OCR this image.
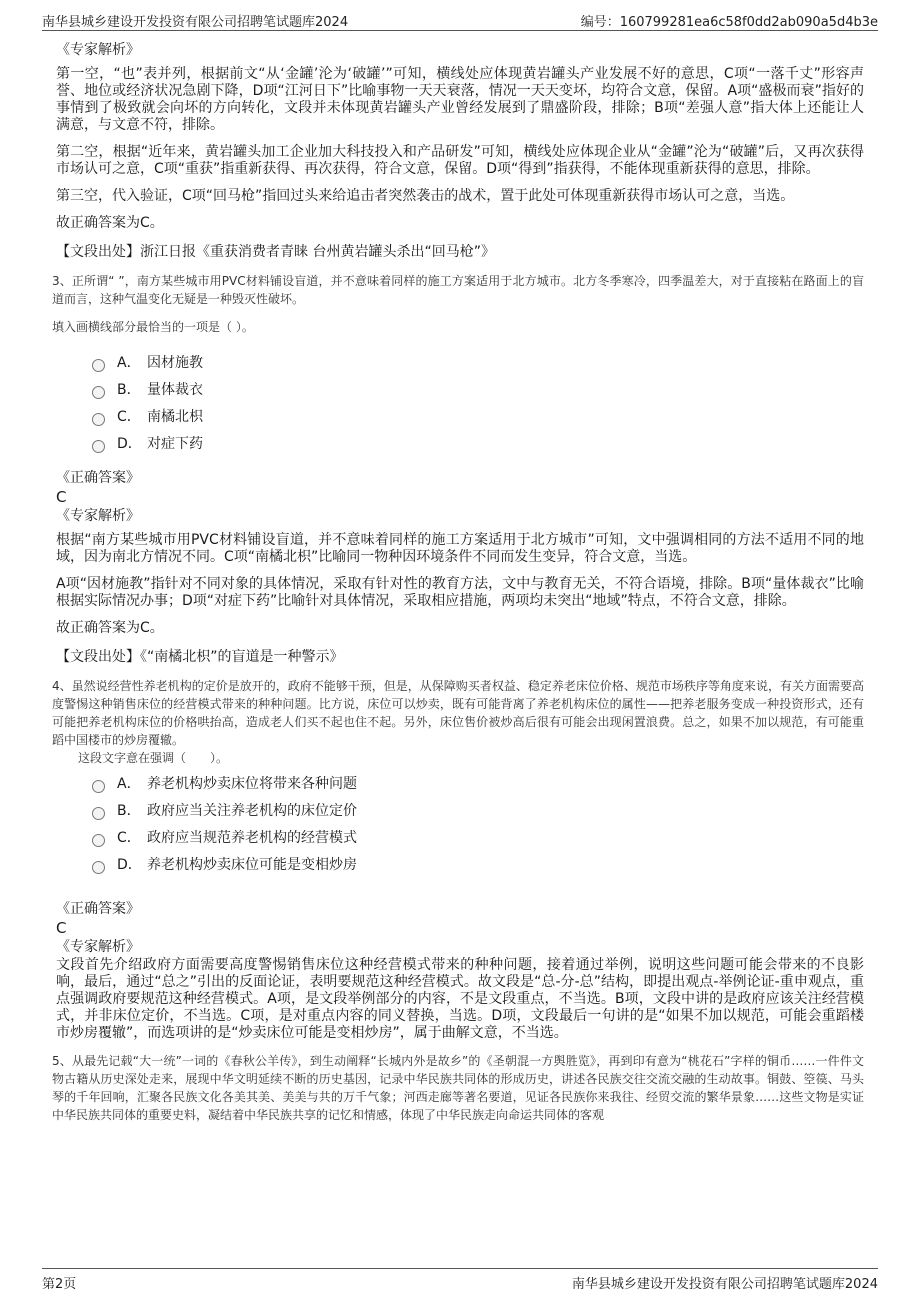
南华县城乡建设开发投资有限公司招聘笔试题库2024	编号：160799281ea6c58f0dd2ab090a5d4b3e

《专家解析》

第一空，“也”表并列，根据前文“从‘金罐’沦为‘破罐’”可知，横线处应体现黄岩罐头产业发展不好的意思，C项“一落千丈”形容声誉、地位或经济状况急剧下降，D项“江河日下”比喻事物一天天衰落，情况一天天变坏，均符合文意，保留。A项“盛极而衰”指好的事情到了极致就会向坏的方向转化，文段并未体现黄岩罐头产业曾经发展到了鼎盛阶段，排除；B项“差强人意”指大体上还能让人满意，与文意不符，排除。

第二空，根据“近年来，黄岩罐头加工企业加大科技投入和产品研发”可知，横线处应体现企业从“金罐”沦为“破罐”后，又再次获得市场认可之意，C项“重获”指重新获得、再次获得，符合文意，保留。D项“得到”指获得，不能体现重新获得的意思，排除。

第三空，代入验证，C项“回马枪”指回过头来给追击者突然袭击的战术，置于此处可体现重新获得市场认可之意，当选。

故正确答案为C。

【文段出处】浙江日报《重获消费者青睐 台州黄岩罐头杀出“回马枪”》

3、正所谓“ ”，南方某些城市用PVC材料铺设盲道，并不意味着同样的施工方案适用于北方城市。北方冬季寒冷，四季温差大，对于直接粘在路面上的盲道而言，这种气温变化无疑是一种毁灭性破坏。

填入画横线部分最恰当的一项是（ ）。

A． 因材施教
B． 量体裁衣
C． 南橘北枳
D． 对症下药

《正确答案》

C

《专家解析》

根据“南方某些城市用PVC材料铺设盲道，并不意味着同样的施工方案适用于北方城市”可知，文中强调相同的方法不适用不同的地域，因为南北方情况不同。C项“南橘北枳”比喻同一物种因环境条件不同而发生变异，符合文意，当选。

A项“因材施教”指针对不同对象的具体情况，采取有针对性的教育方法，文中与教育无关，不符合语境，排除。B项“量体裁衣”比喻根据实际情况办事；D项“对症下药”比喻针对具体情况，采取相应措施，两项均未突出“地域”特点，不符合文意，排除。

故正确答案为C。

【文段出处】《“南橘北枳”的盲道是一种警示》

4、虽然说经营性养老机构的定价是放开的，政府不能够干预，但是，从保障购买者权益、稳定养老床位价格、规范市场秩序等角度来说，有关方面需要高度警惕这种销售床位的经营模式带来的种种问题。比方说，床位可以炒卖，既有可能背离了养老机构床位的属性——把养老服务变成一种投资形式，还有可能把养老机构床位的价格哄抬高，造成老人们买不起也住不起。另外，床位售价被炒高后很有可能会出现闲置浪费。总之，如果不加以规范，有可能重蹈中国楼市的炒房覆辙。

这段文字意在强调（　　）。

A． 养老机构炒卖床位将带来各种问题
B． 政府应当关注养老机构的床位定价
C． 政府应当规范养老机构的经营模式
D． 养老机构炒卖床位可能是变相炒房

《正确答案》

C

《专家解析》

文段首先介绍政府方面需要高度警惕销售床位这种经营模式带来的种种问题，接着通过举例，说明这些问题可能会带来的不良影响，最后，通过“总之”引出的反面论证，表明要规范这种经营模式。故文段是“总-分-总”结构，即提出观点-举例论证-重申观点，重点强调政府要规范这种经营模式。A项，是文段举例部分的内容，不是文段重点，不当选。B项，文段中讲的是政府应该关注经营模式，并非床位定价，不当选。C项，是对重点内容的同义替换，当选。D项，文段最后一句讲的是“如果不加以规范，可能会重蹈楼市炒房覆辙”，而选项讲的是“炒卖床位可能是变相炒房”，属于曲解文意，不当选。

5、从最先记载“大一统”一词的《春秋公羊传》，到生动阐释“长城内外是故乡”的《圣朝混一方舆胜览》，再到印有意为“桃花石”字样的铜币……一件件文物古籍从历史深处走来，展现中华文明延续不断的历史基因，记录中华民族共同体的形成历史，讲述各民族交往交流交融的生动故事。铜鼓、箜篌、马头琴的千年回响，汇聚各民族文化各美其美、美美与共的万千气象；河西走廊等著名要道，见证各民族你来我往、经贸交流的繁华景象……这些文物是实证中华民族共同体的重要史料，凝结着中华民族共享的记忆和情感，体现了中华民族走向命运共同体的客观

第2页	南华县城乡建设开发投资有限公司招聘笔试题库2024
